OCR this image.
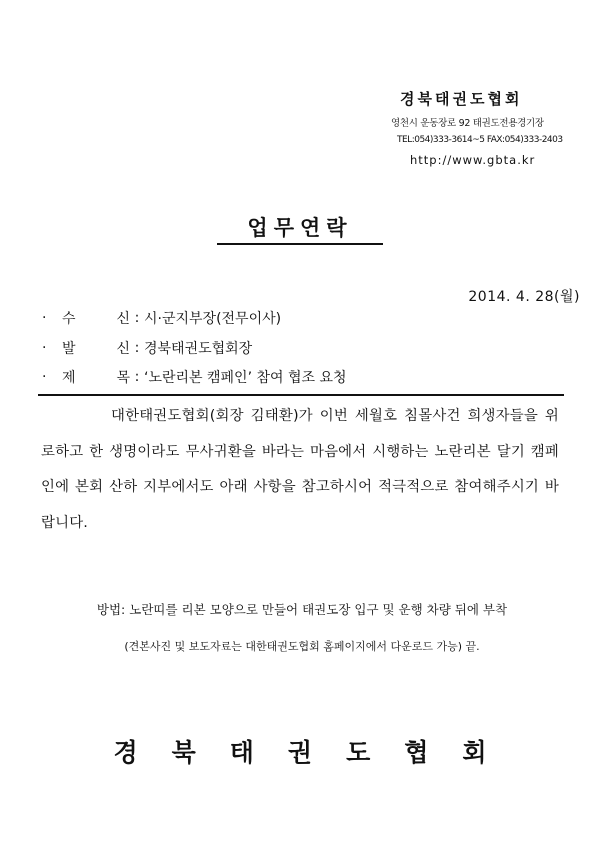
경북태권도협회
영천시 운동장로 92 태권도전용경기장
TEL:054)333-3614~5 FAX:054)333-2403
http://www.gbta.kr
업무연락
2014. 4. 28(월)
·	수	신 : 시·군지부장(전무이사)
·	발	신 : 경북태권도협회장
·	제	목 : ‘노란리본 캠페인’ 참여 협조 요청
대한태권도협회(회장 김태환)가 이번 세월호 침몰사건 희생자들을 위로하고 한 생명이라도 무사귀환을 바라는 마음에서 시행하는 노란리본 달기 캠페인에 본회 산하 지부에서도 아래 사항을 참고하시어 적극적으로 참여해주시기 바랍니다.
방법: 노란띠를 리본 모양으로 만들어 태권도장 입구 및 운행 차량 뒤에 부착
(견본사진 및 보도자료는 대한태권도협회 홈페이지에서 다운로드 가능) 끝.
경북태권도협회
